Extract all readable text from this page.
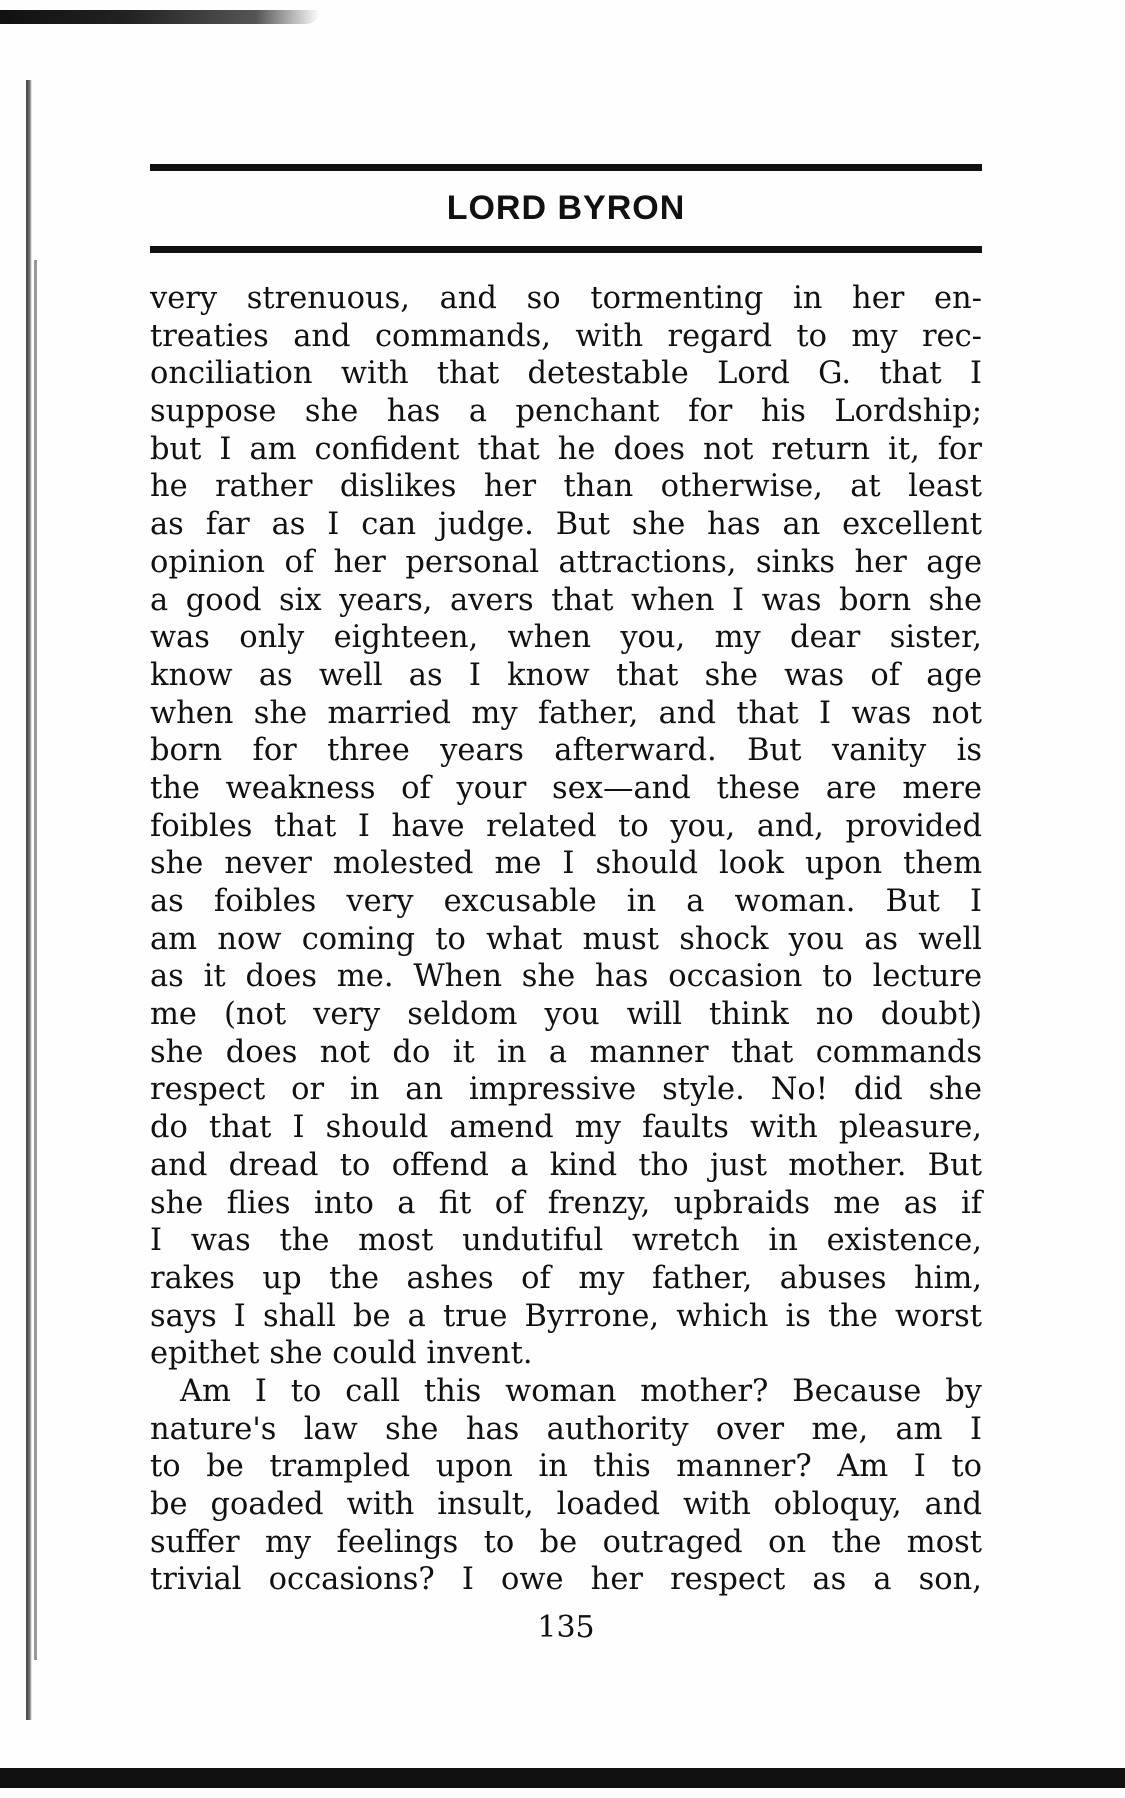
LORD BYRON
very strenuous, and so tormenting in her en-
treaties and commands, with regard to my rec-
onciliation with that detestable Lord G. that I
suppose she has a penchant for his Lordship;
but I am confident that he does not return it, for
he rather dislikes her than otherwise, at least
as far as I can judge. But she has an excellent
opinion of her personal attractions, sinks her age
a good six years, avers that when I was born she
was only eighteen, when you, my dear sister,
know as well as I know that she was of age
when she married my father, and that I was not
born for three years afterward. But vanity is
the weakness of your sex—and these are mere
foibles that I have related to you, and, provided
she never molested me I should look upon them
as foibles very excusable in a woman. But I
am now coming to what must shock you as well
as it does me. When she has occasion to lecture
me (not very seldom you will think no doubt)
she does not do it in a manner that commands
respect or in an impressive style. No! did she
do that I should amend my faults with pleasure,
and dread to offend a kind tho just mother. But
she flies into a fit of frenzy, upbraids me as if
I was the most undutiful wretch in existence,
rakes up the ashes of my father, abuses him,
says I shall be a true Byrrone, which is the worst
epithet she could invent.
Am I to call this woman mother? Because by
nature's law she has authority over me, am I
to be trampled upon in this manner? Am I to
be goaded with insult, loaded with obloquy, and
suffer my feelings to be outraged on the most
trivial occasions? I owe her respect as a son,
135
